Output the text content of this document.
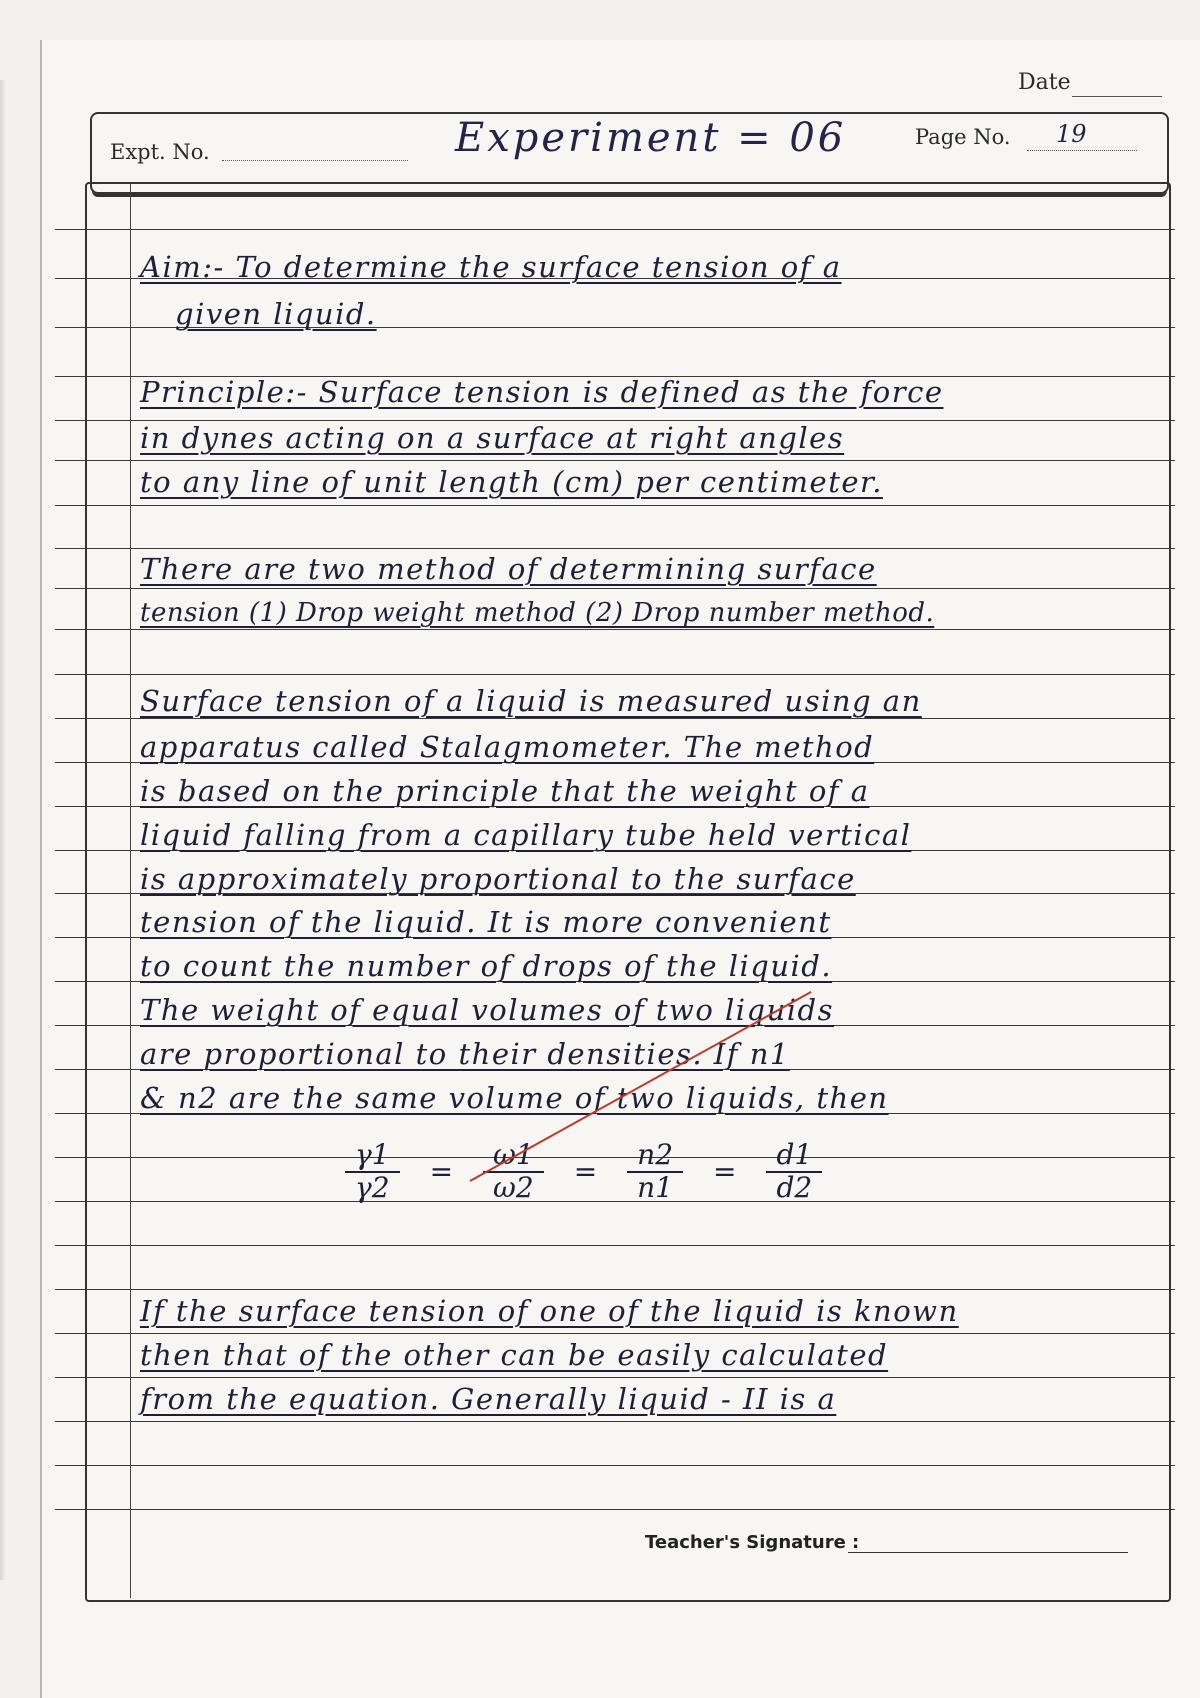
Date
Expt. No.	Experiment = 06	Page No. 19
Aim:- To determine the surface tension of a
given liquid.
Principle:- Surface tension is defined as the force
in dynes acting on a surface at right angles
to any line of unit length (cm) per centimeter.
There are two method of determining surface
tension (1) Drop weight method (2) Drop number method.
Surface tension of a liquid is measured using an
apparatus called Stalagmometer. The method
is based on the principle that the weight of a
liquid falling from a capillary tube held vertical
is approximately proportional to the surface
tension of the liquid. It is more convenient
to count the number of drops of the liquid.
The weight of equal volumes of two liquids
are proportional to their densities. If n1
& n2 are the same volume of two liquids, then
$\frac{\gamma 1}{\gamma 2} = \frac{\omega 1}{\omega 2} = \frac{n2}{n1} = \frac{d1}{d2}$
If the surface tension of one of the liquid is known
then that of the other can be easily calculated
from the equation. Generally liquid - II is a
Teacher's Signature :
